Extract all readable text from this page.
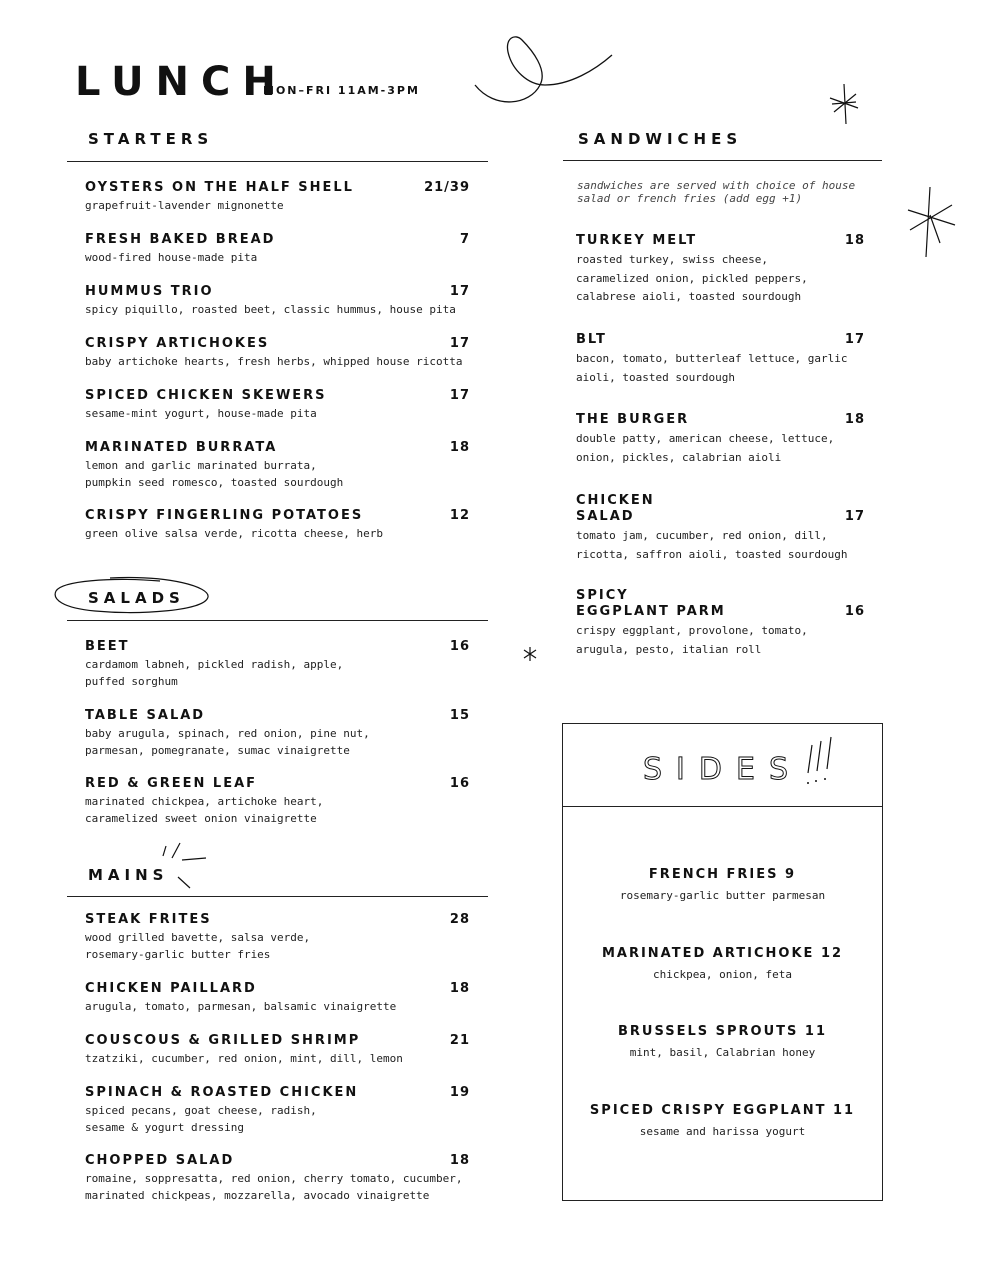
LUNCH
MON–FRI 11AM-3PM
STARTERS
OYSTERS ON THE HALF SHELL	21/39
grapefruit-lavender mignonette
FRESH BAKED BREAD	7
wood-fired house-made pita
HUMMUS TRIO	17
spicy piquillo, roasted beet, classic hummus, house pita
CRISPY ARTICHOKES	17
baby artichoke hearts, fresh herbs, whipped house ricotta
SPICED CHICKEN SKEWERS	17
sesame-mint yogurt, house-made pita
MARINATED BURRATA	18
lemon and garlic marinated burrata,
pumpkin seed romesco, toasted sourdough
CRISPY FINGERLING POTATOES	12
green olive salsa verde, ricotta cheese, herb
SALADS
BEET	16
cardamom labneh, pickled radish, apple,
puffed sorghum
TABLE SALAD	15
baby arugula, spinach, red onion, pine nut,
parmesan, pomegranate, sumac vinaigrette
RED & GREEN LEAF	16
marinated chickpea, artichoke heart,
caramelized sweet onion vinaigrette
MAINS
STEAK FRITES	28
wood grilled bavette, salsa verde,
rosemary-garlic butter fries
CHICKEN PAILLARD	18
arugula, tomato, parmesan, balsamic vinaigrette
COUSCOUS & GRILLED SHRIMP	21
tzatziki, cucumber, red onion, mint, dill, lemon
SPINACH & ROASTED CHICKEN	19
spiced pecans, goat cheese, radish,
sesame & yogurt dressing
CHOPPED SALAD	18
romaine, soppresatta, red onion, cherry tomato, cucumber,
marinated chickpeas, mozzarella, avocado vinaigrette
SANDWICHES
sandwiches are served with choice of house
salad or french fries (add egg +1)
TURKEY MELT	18
roasted turkey, swiss cheese,
caramelized onion, pickled peppers,
calabrese aioli, toasted sourdough
BLT	17
bacon, tomato, butterleaf lettuce, garlic
aioli, toasted sourdough
THE BURGER	18
double patty, american cheese, lettuce,
onion, pickles, calabrian aioli
CHICKEN
SALAD	17
tomato jam, cucumber, red onion, dill,
ricotta, saffron aioli, toasted sourdough
SPICY
EGGPLANT PARM	16
crispy eggplant, provolone, tomato,
arugula, pesto, italian roll
SIDES
FRENCH FRIES 9
rosemary-garlic butter parmesan
MARINATED ARTICHOKE 12
chickpea, onion, feta
BRUSSELS SPROUTS 11
mint, basil, Calabrian honey
SPICED CRISPY EGGPLANT 11
sesame and harissa yogurt
